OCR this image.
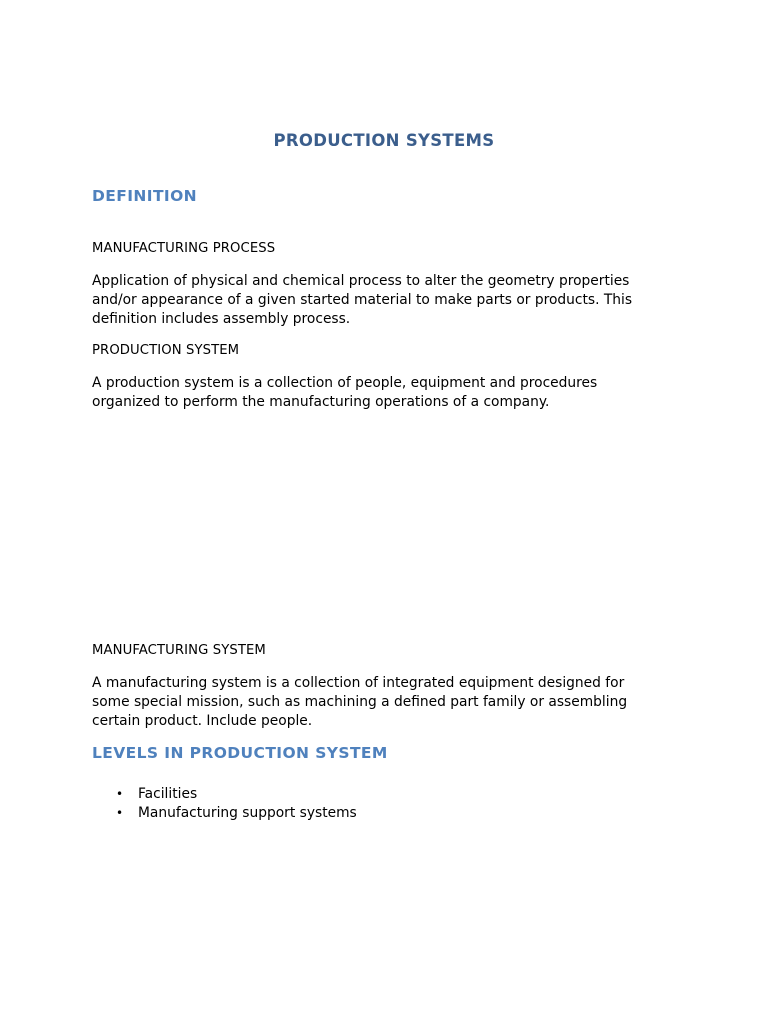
PRODUCTION SYSTEMS
DEFINITION
MANUFACTURING PROCESS

Application of physical and chemical process to alter the geometry properties
and/or appearance of a given started material to make parts or products. This
definition includes assembly process.

PRODUCTION SYSTEM

A production system is a collection of people, equipment and procedures
organized to perform the manufacturing operations of a company.

MANUFACTURING SYSTEM

A manufacturing system is a collection of integrated equipment designed for
some special mission, such as machining a defined part family or assembling
certain product. Include people.

LEVELS IN PRODUCTION SYSTEM
• Facilities
• Manufacturing support systems
